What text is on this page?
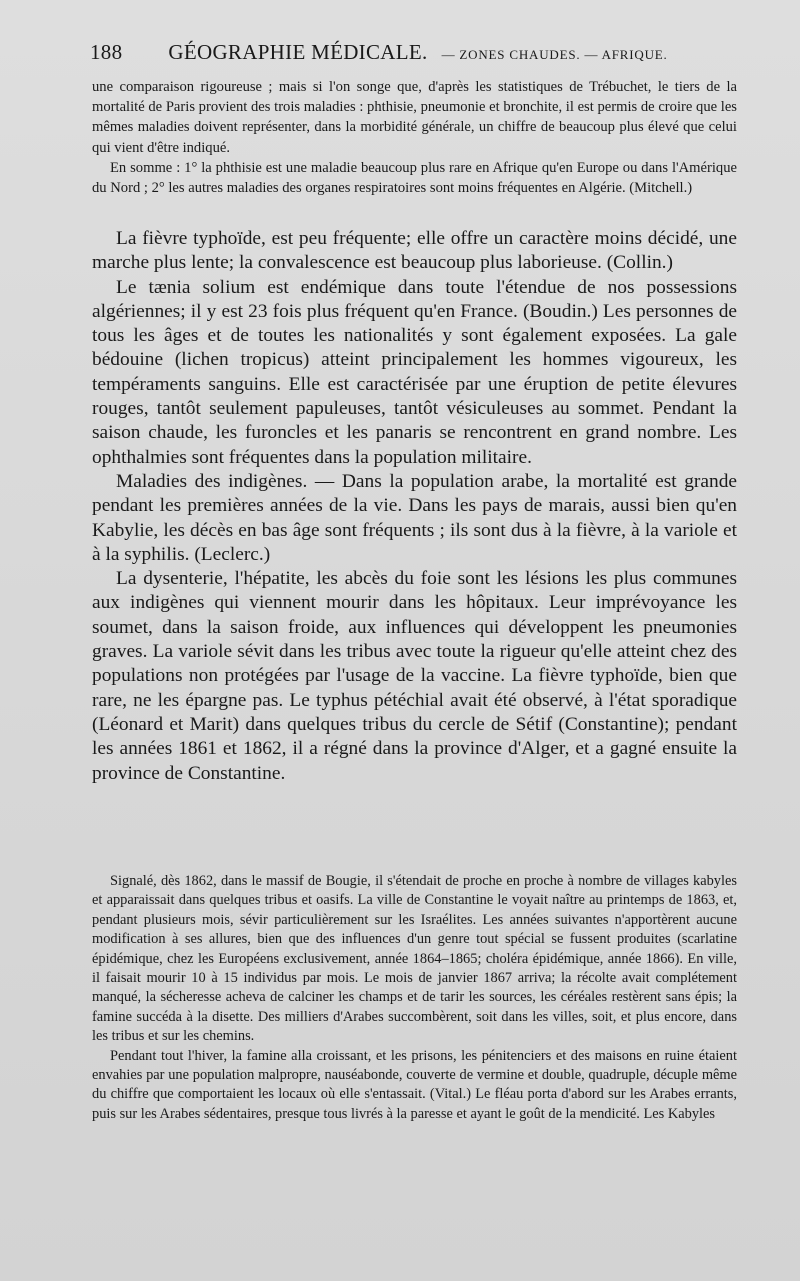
188 GÉOGRAPHIE MÉDICALE. — ZONES CHAUDES. — AFRIQUE.

une comparaison rigoureuse ; mais si l'on songe que, d'après les statistiques de Trébuchet, le tiers de la mortalité de Paris provient des trois maladies : phthisie, pneumonie et bronchite, il est permis de croire que les mêmes maladies doivent représenter, dans la morbidité générale, un chiffre de beaucoup plus élevé que celui qui vient d'être indiqué.

En somme : 1° la phthisie est une maladie beaucoup plus rare en Afrique qu'en Europe ou dans l'Amérique du Nord ; 2° les autres maladies des organes respiratoires sont moins fréquentes en Algérie. (Mitchell.)

La fièvre typhoïde, est peu fréquente; elle offre un caractère moins décidé, une marche plus lente; la convalescence est beaucoup plus laborieuse. (Collin.)

Le tænia solium est endémique dans toute l'étendue de nos possessions algériennes; il y est 23 fois plus fréquent qu'en France. (Boudin.) Les personnes de tous les âges et de toutes les nationalités y sont également exposées. La gale bédouine (lichen tropicus) atteint principalement les hommes vigoureux, les tempéraments sanguins. Elle est caractérisée par une éruption de petite élevures rouges, tantôt seulement papuleuses, tantôt vésiculeuses au sommet. Pendant la saison chaude, les furoncles et les panaris se rencontrent en grand nombre. Les ophthalmies sont fréquentes dans la population militaire.

Maladies des indigènes. — Dans la population arabe, la mortalité est grande pendant les premières années de la vie. Dans les pays de marais, aussi bien qu'en Kabylie, les décès en bas âge sont fréquents ; ils sont dus à la fièvre, à la variole et à la syphilis. (Leclerc.)

La dysenterie, l'hépatite, les abcès du foie sont les lésions les plus communes aux indigènes qui viennent mourir dans les hôpitaux. Leur imprévoyance les soumet, dans la saison froide, aux influences qui développent les pneumonies graves. La variole sévit dans les tribus avec toute la rigueur qu'elle atteint chez des populations non protégées par l'usage de la vaccine. La fièvre typhoïde, bien que rare, ne les épargne pas. Le typhus pétéchial avait été observé, à l'état sporadique (Léonard et Marit) dans quelques tribus du cercle de Sétif (Constantine); pendant les années 1861 et 1862, il a régné dans la province d'Alger, et a gagné ensuite la province de Constantine.

Signalé, dès 1862, dans le massif de Bougie, il s'étendait de proche en proche à nombre de villages kabyles et apparaissait dans quelques tribus et oasifs. La ville de Constantine le voyait naître au printemps de 1863, et, pendant plusieurs mois, sévir particulièrement sur les Israélites. Les années suivantes n'apportèrent aucune modification à ses allures, bien que des influences d'un genre tout spécial se fussent produites (scarlatine épidémique, chez les Européens exclusivement, année 1864–1865; choléra épidémique, année 1866). En ville, il faisait mourir 10 à 15 individus par mois. Le mois de janvier 1867 arriva; la récolte avait complétement manqué, la sécheresse acheva de calciner les champs et de tarir les sources, les céréales restèrent sans épis; la famine succéda à la disette. Des milliers d'Arabes succombèrent, soit dans les villes, soit, et plus encore, dans les tribus et sur les chemins.

Pendant tout l'hiver, la famine alla croissant, et les prisons, les pénitenciers et des maisons en ruine étaient envahies par une population malpropre, nauséabonde, couverte de vermine et double, quadruple, décuple même du chiffre que comportaient les locaux où elle s'entassait. (Vital.) Le fléau porta d'abord sur les Arabes errants, puis sur les Arabes sédentaires, presque tous livrés à la paresse et ayant le goût de la mendicité. Les Kabyles
